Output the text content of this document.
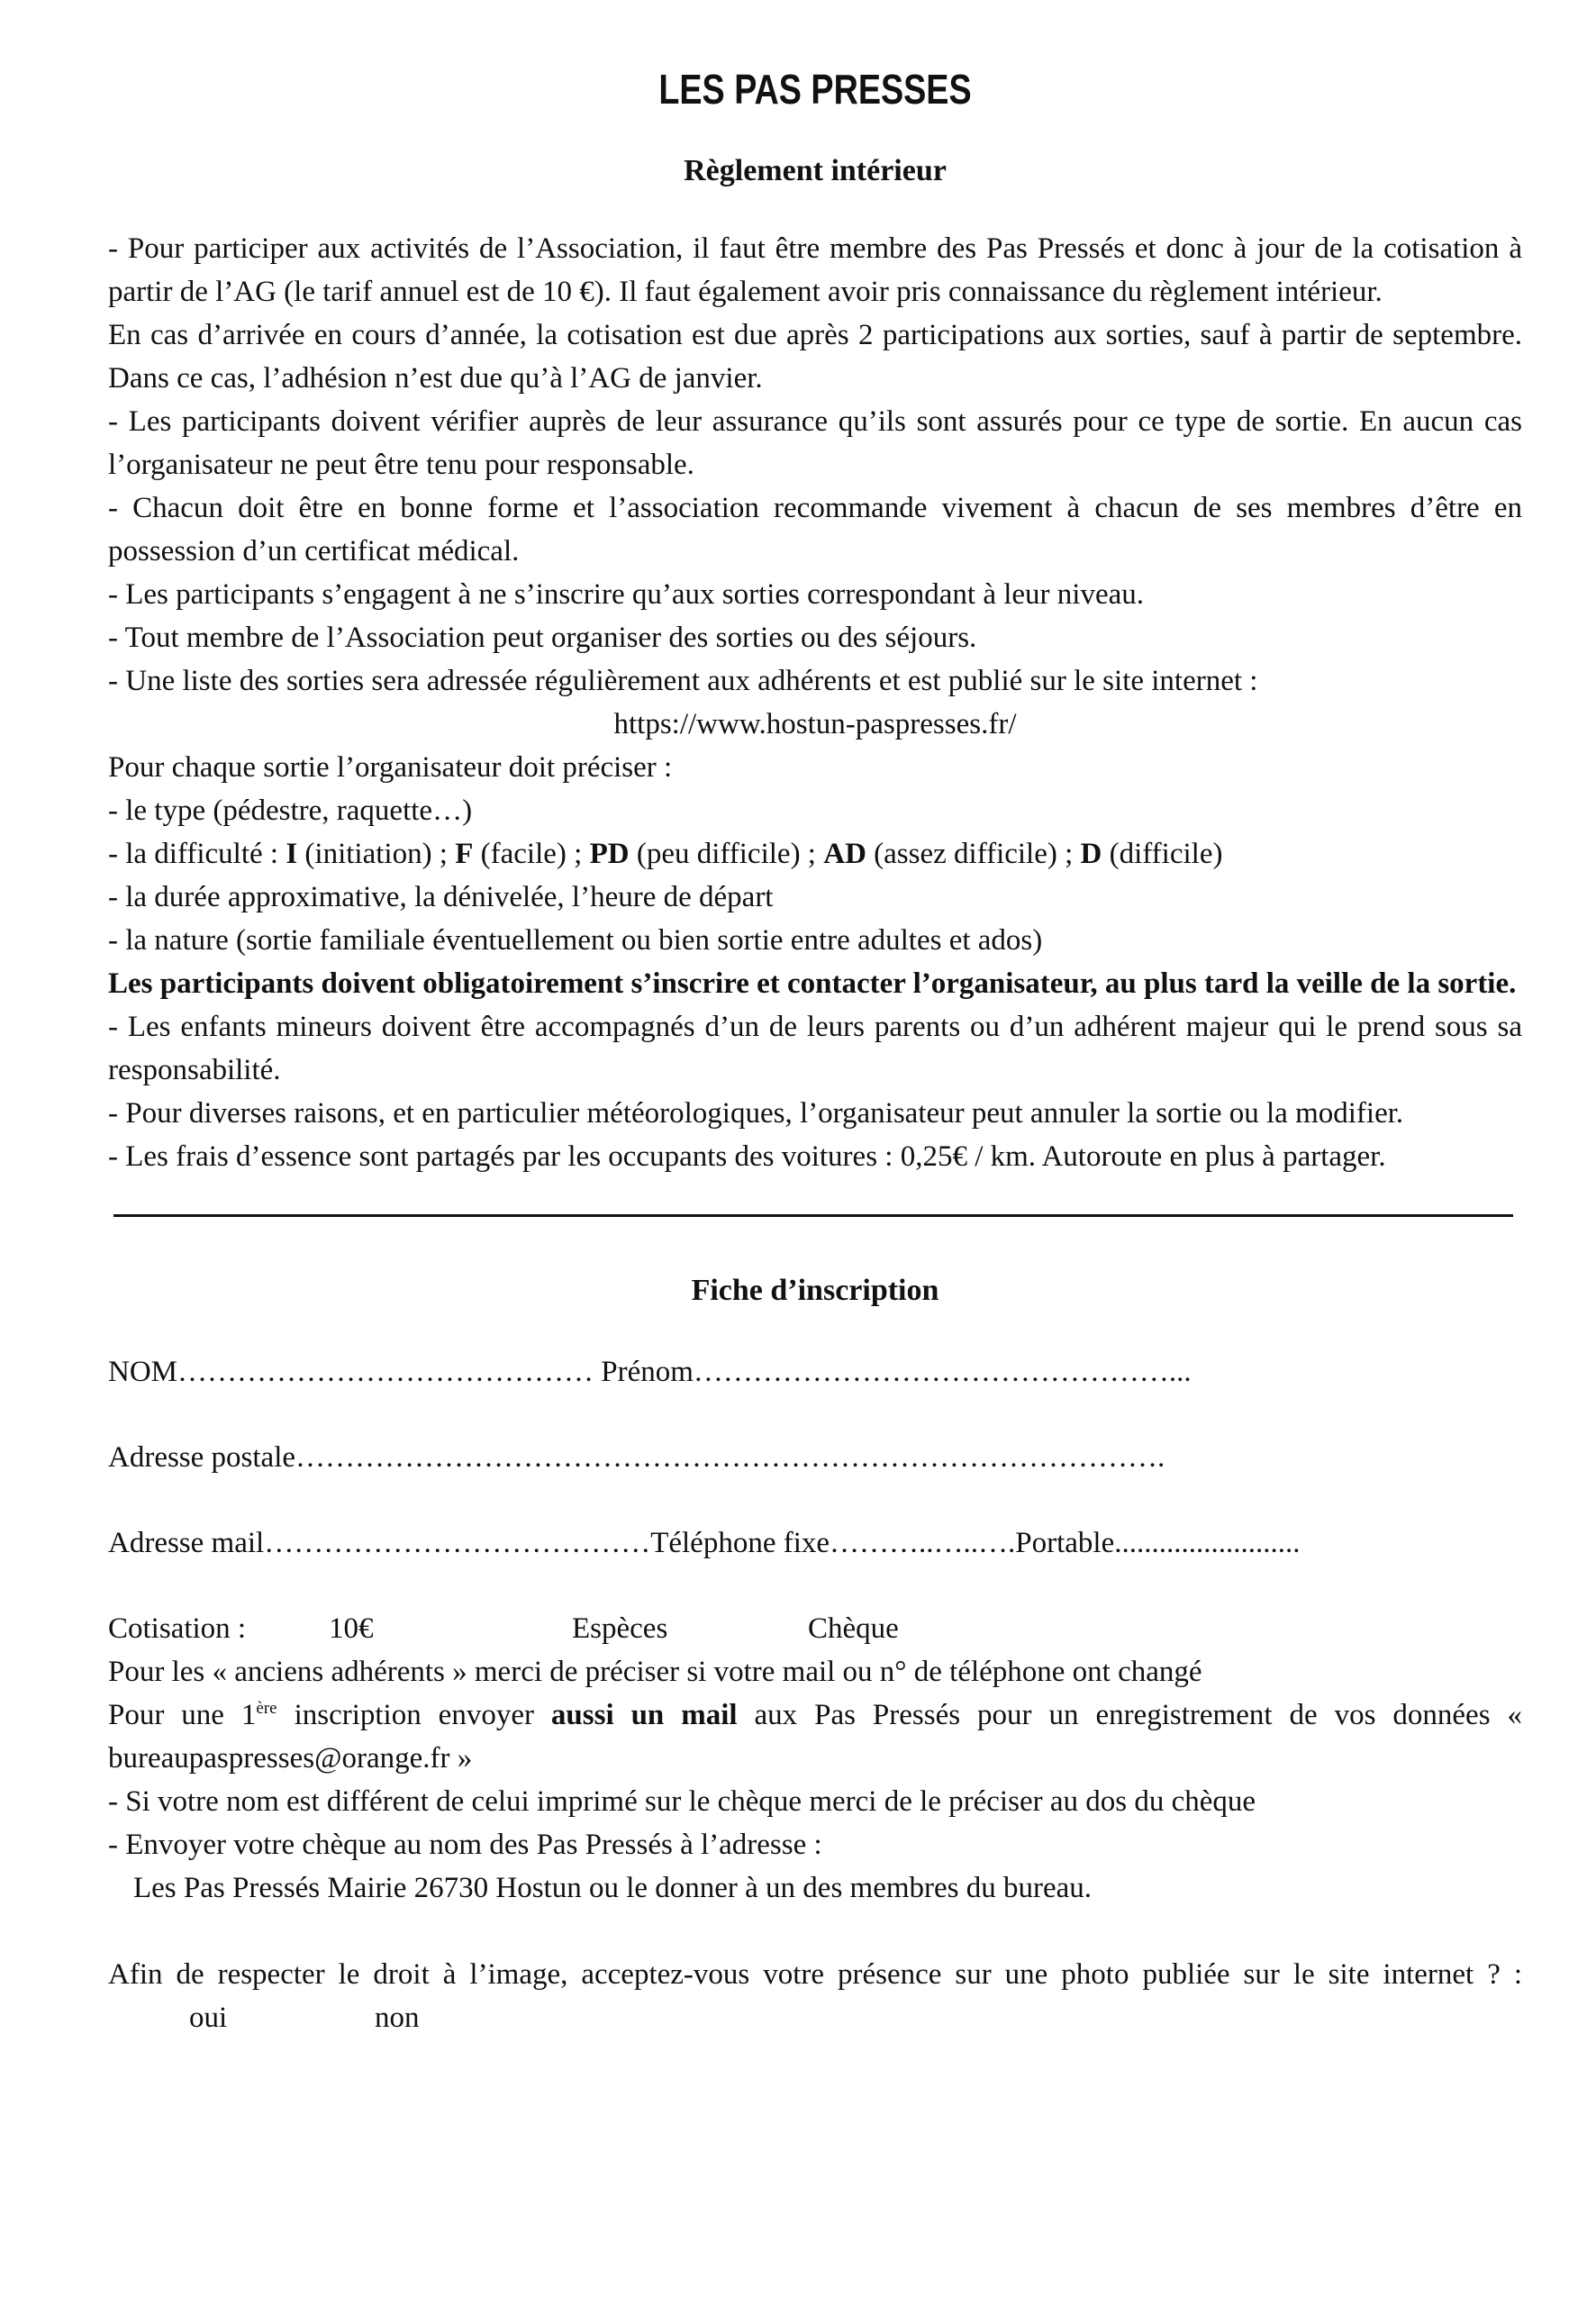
LES PAS PRESSES
Règlement intérieur

- Pour participer aux activités de l’Association, il faut être membre des Pas Pressés et donc à jour de la cotisation à partir de l’AG (le tarif annuel est de 10 €). Il faut également avoir pris connaissance du règlement intérieur.

En cas d’arrivée en cours d’année, la cotisation est due après 2 participations aux sorties, sauf à partir de septembre. Dans ce cas, l’adhésion n’est due qu’à l’AG de janvier.

- Les participants doivent vérifier auprès de leur assurance qu’ils sont assurés pour ce type de sortie. En aucun cas l’organisateur ne peut être tenu pour responsable.

- Chacun doit être en bonne forme et l’association recommande vivement à chacun de ses membres d’être en possession d’un certificat médical.

- Les participants s’engagent à ne s’inscrire qu’aux sorties correspondant à leur niveau.

- Tout membre de l’Association peut organiser des sorties ou des séjours.

- Une liste des sorties sera adressée régulièrement aux adhérents et est publié sur le site internet :

https://www.hostun-paspresses.fr/

Pour chaque sortie l’organisateur doit préciser :

- le type (pédestre, raquette…)

- la difficulté : I (initiation) ; F (facile) ; PD (peu difficile) ; AD (assez difficile) ; D (difficile)

- la durée approximative, la dénivelée, l’heure de départ

- la nature (sortie familiale éventuellement ou bien sortie entre adultes et ados)

Les participants doivent obligatoirement s’inscrire et contacter l’organisateur, au plus tard la veille de la sortie.

- Les enfants mineurs doivent être accompagnés d’un de leurs parents ou d’un adhérent majeur qui le prend sous sa responsabilité.

- Pour diverses raisons, et en particulier météorologiques, l’organisateur peut annuler la sortie ou la modifier.

- Les frais d’essence sont partagés par les occupants des voitures : 0,25€ / km. Autoroute en plus à partager.

Fiche d’inscription

NOM…………………………………… Prénom…………………………………………...

Adresse postale…………………………………………………………………………….

Adresse mail…………………………………Téléphone fixe………..…..….Portable.........................

Cotisation :	10€	Espèces	Chèque

Pour les « anciens adhérents » merci de préciser si votre mail ou n° de téléphone ont changé

Pour une 1ère inscription envoyer aussi un mail aux Pas Pressés pour un enregistrement de vos données « bureaupaspresses@orange.fr »

- Si votre nom est différent de celui imprimé sur le chèque merci de le préciser au dos du chèque

- Envoyer votre chèque au nom des Pas Pressés à l’adresse :

Les Pas Pressés Mairie 26730 Hostun ou le donner à un des membres du bureau.

Afin de respecter le droit à l’image, acceptez-vous votre présence sur une photo publiée sur le site internet ? :oui	non
